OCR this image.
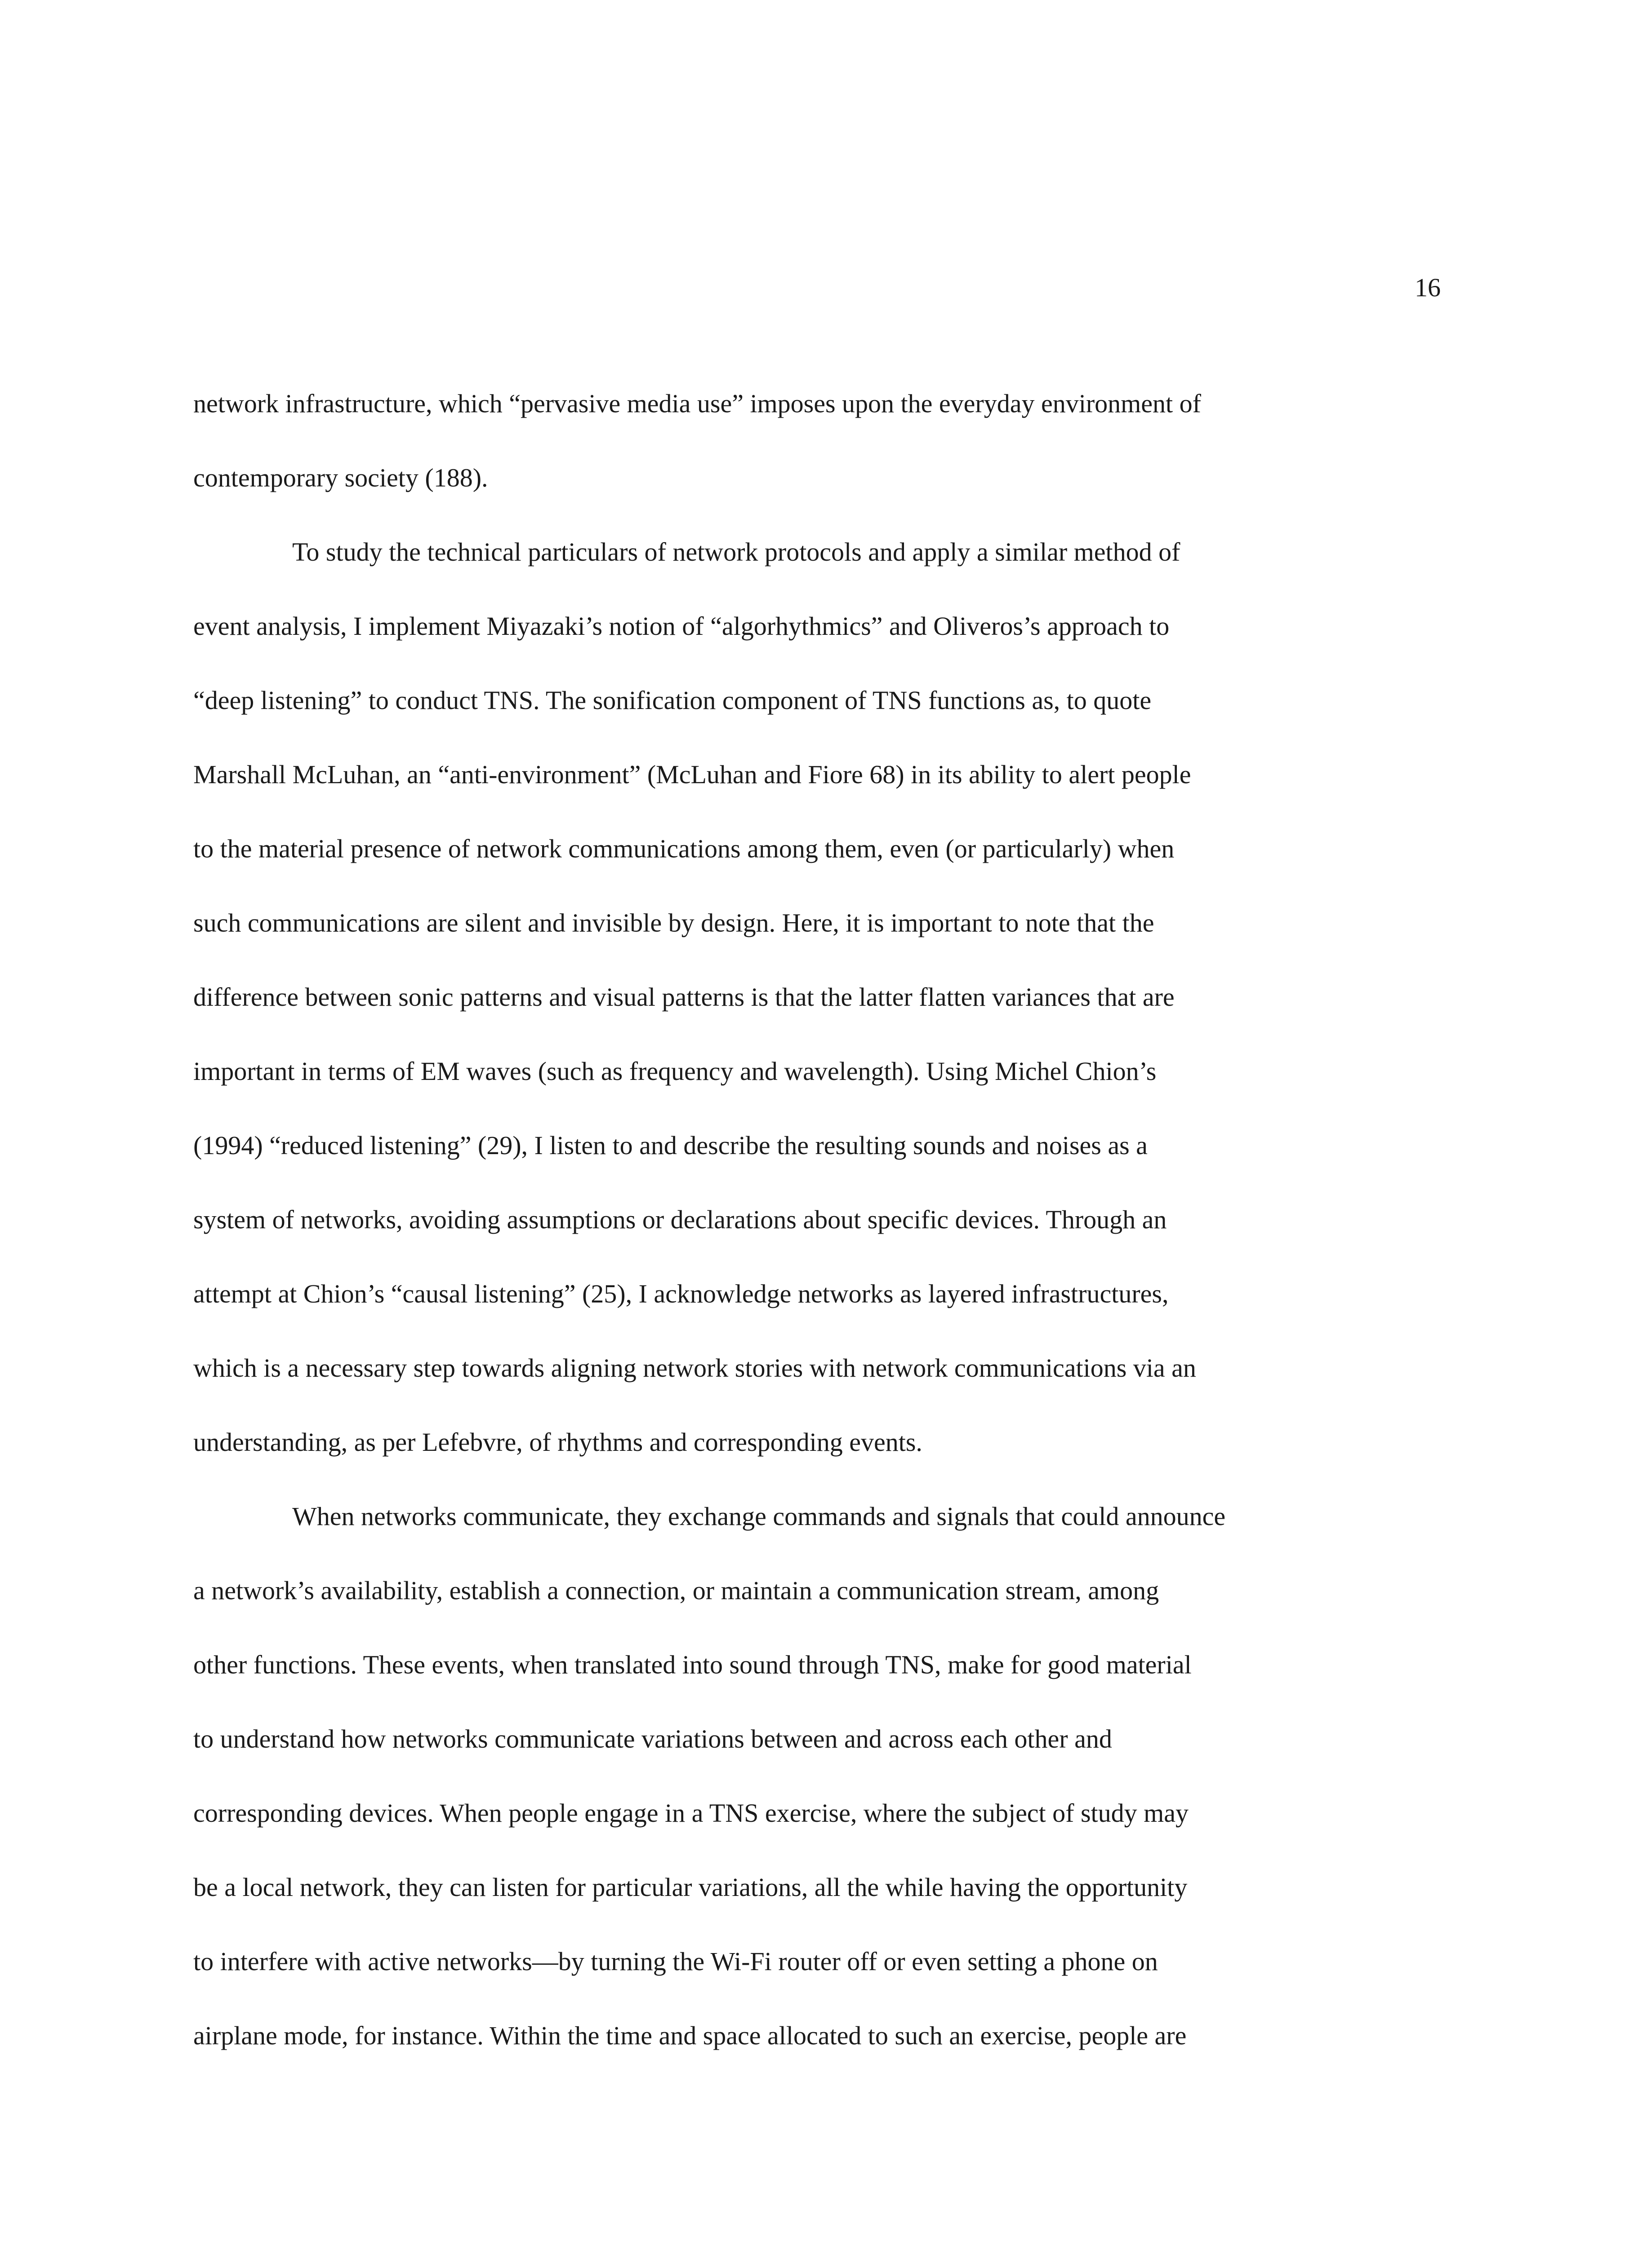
16

network infrastructure, which “pervasive media use” imposes upon the everyday environment of

contemporary society (188).

To study the technical particulars of network protocols and apply a similar method of

event analysis, I implement Miyazaki’s notion of “algorhythmics” and Oliveros’s approach to

“deep listening” to conduct TNS. The sonification component of TNS functions as, to quote

Marshall McLuhan, an “anti-environment” (McLuhan and Fiore 68) in its ability to alert people

to the material presence of network communications among them, even (or particularly) when

such communications are silent and invisible by design. Here, it is important to note that the

difference between sonic patterns and visual patterns is that the latter flatten variances that are

important in terms of EM waves (such as frequency and wavelength). Using Michel Chion’s

(1994) “reduced listening” (29), I listen to and describe the resulting sounds and noises as a

system of networks, avoiding assumptions or declarations about specific devices. Through an

attempt at Chion’s “causal listening” (25), I acknowledge networks as layered infrastructures,

which is a necessary step towards aligning network stories with network communications via an

understanding, as per Lefebvre, of rhythms and corresponding events.

When networks communicate, they exchange commands and signals that could announce

a network’s availability, establish a connection, or maintain a communication stream, among

other functions. These events, when translated into sound through TNS, make for good material

to understand how networks communicate variations between and across each other and

corresponding devices. When people engage in a TNS exercise, where the subject of study may

be a local network, they can listen for particular variations, all the while having the opportunity

to interfere with active networks—by turning the Wi-Fi router off or even setting a phone on

airplane mode, for instance. Within the time and space allocated to such an exercise, people are
